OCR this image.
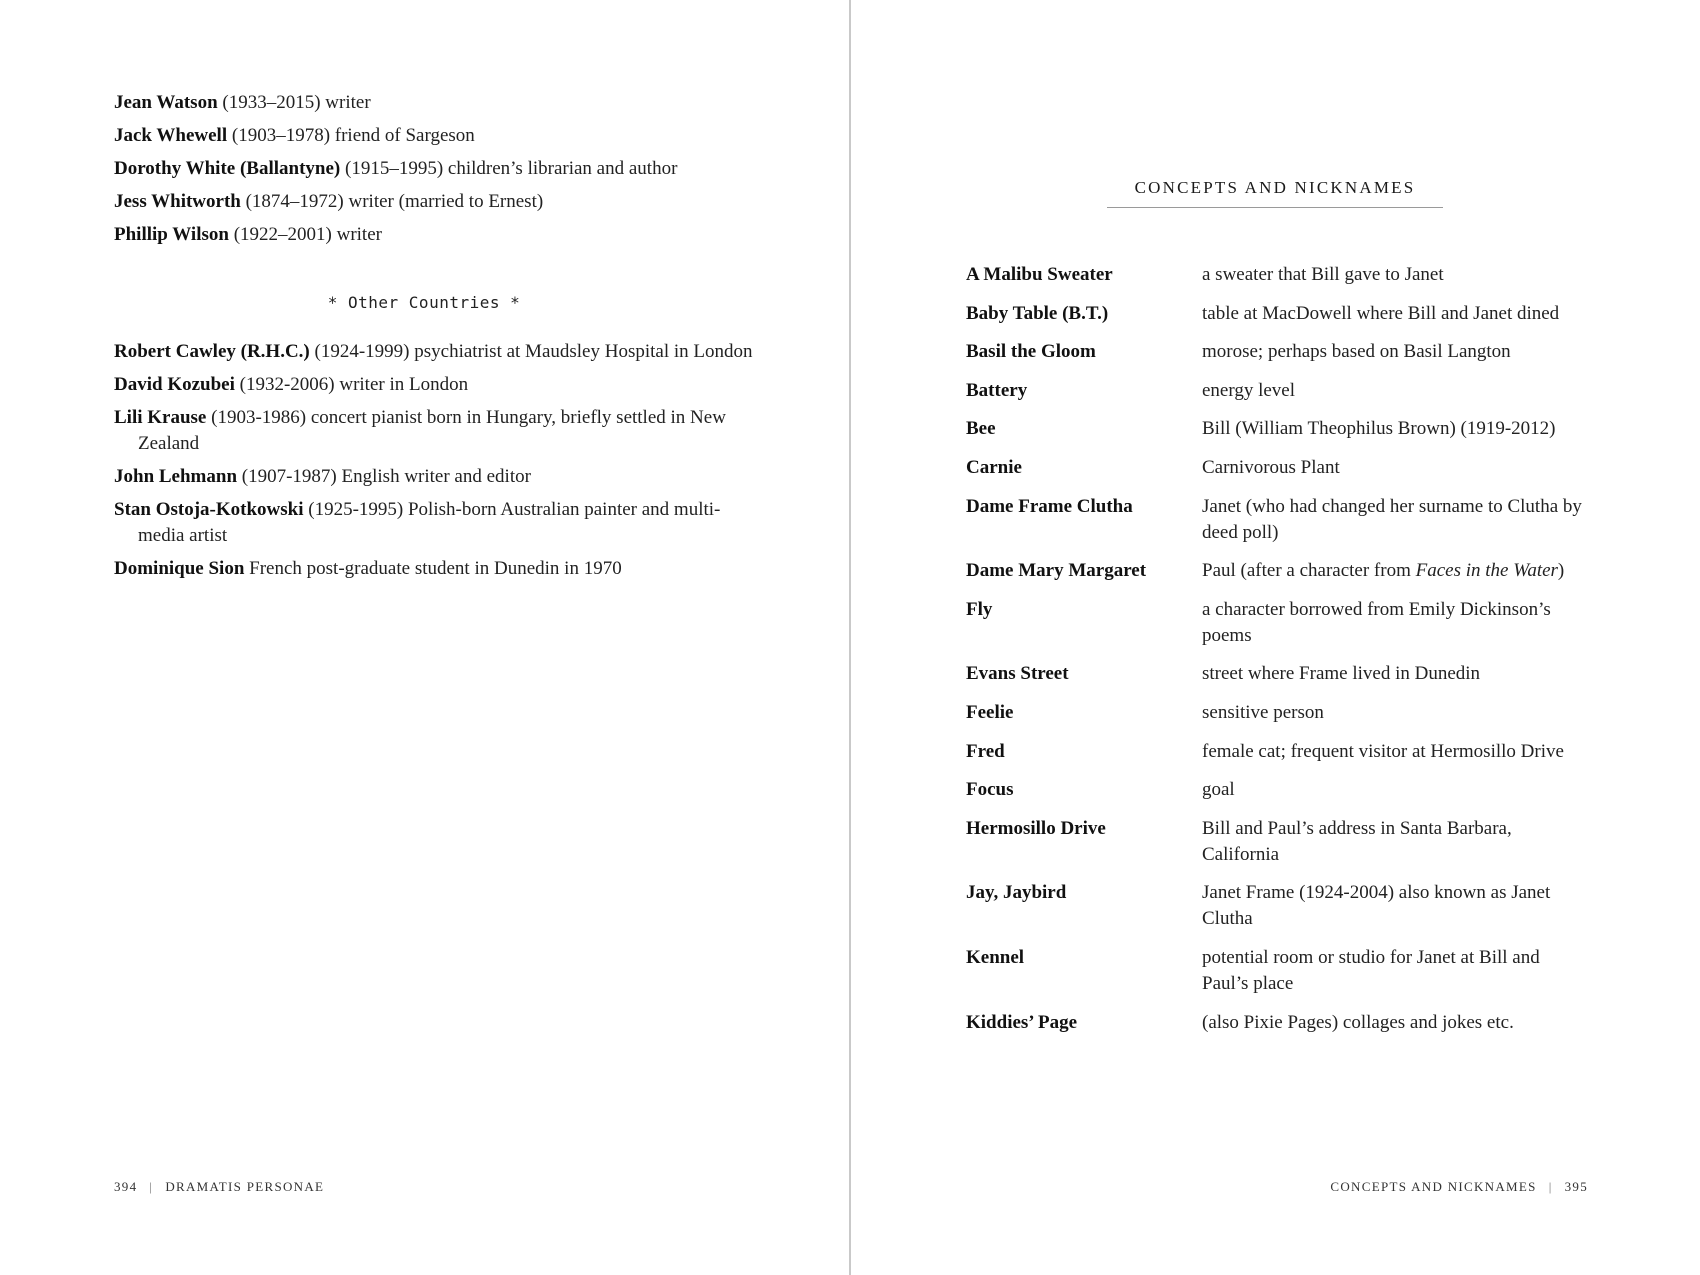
Jean Watson (1933–2015) writer

Jack Whewell (1903–1978) friend of Sargeson

Dorothy White (Ballantyne) (1915–1995) children’s librarian and author

Jess Whitworth (1874–1972) writer (married to Ernest)

Phillip Wilson (1922–2001) writer

* Other Countries *

Robert Cawley (R.H.C.) (1924-1999) psychiatrist at Maudsley Hospital in London

David Kozubei (1932-2006) writer in London

Lili Krause (1903-1986) concert pianist born in Hungary, briefly settled in New Zealand

John Lehmann (1907-1987) English writer and editor

Stan Ostoja-Kotkowski (1925-1995) Polish-born Australian painter and multi-media artist

Dominique Sion French post-graduate student in Dunedin in 1970

394 | DRAMATIS PERSONAE
CONCEPTS AND NICKNAMES
A Malibu Sweater	a sweater that Bill gave to Janet
Baby Table (B.T.)	table at MacDowell where Bill and Janet dined
Basil the Gloom	morose; perhaps based on Basil Langton
Battery	energy level
Bee	Bill (William Theophilus Brown) (1919-2012)
Carnie	Carnivorous Plant
Dame Frame Clutha	Janet (who had changed her surname to Clutha by deed poll)
Dame Mary Margaret	Paul (after a character from Faces in the Water)
Fly	a character borrowed from Emily Dickinson’s poems
Evans Street	street where Frame lived in Dunedin
Feelie	sensitive person
Fred	female cat; frequent visitor at Hermosillo Drive
Focus	goal
Hermosillo Drive	Bill and Paul’s address in Santa Barbara, California
Jay, Jaybird	Janet Frame (1924-2004) also known as Janet Clutha
Kennel	potential room or studio for Janet at Bill and Paul’s place
Kiddies’ Page	(also Pixie Pages) collages and jokes etc.
CONCEPTS AND NICKNAMES | 395
